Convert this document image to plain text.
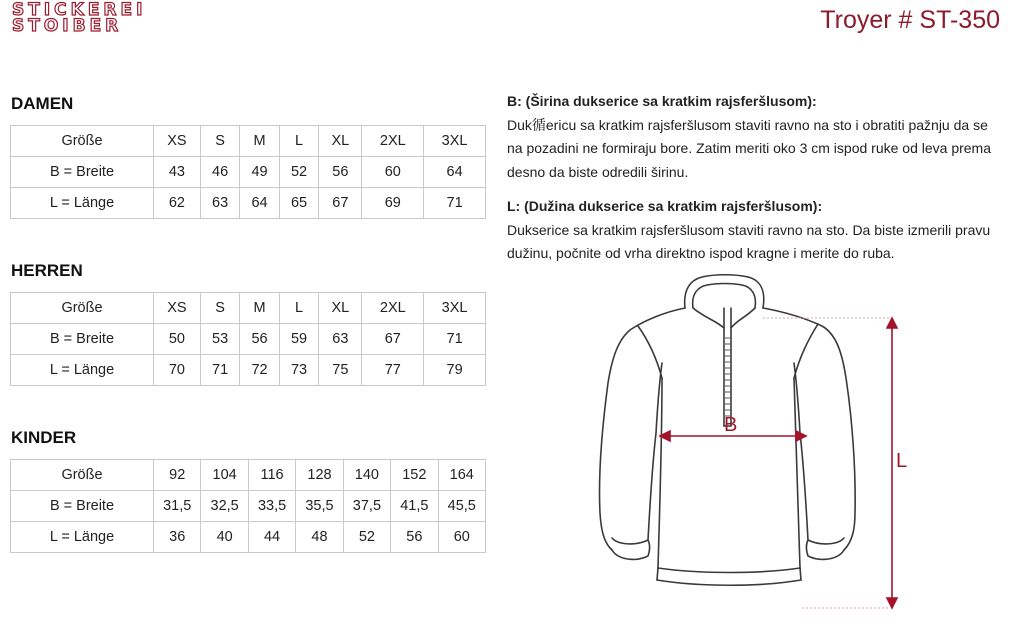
STICKEREI
STOIBER	Troyer # ST-350
DAMEN
Größe	XS	S	M	L	XL	2XL	3XL
B = Breite	43	46	49	52	56	60	64
L = Länge	62	63	64	65	67	69	71
HERREN
Größe	XS	S	M	L	XL	2XL	3XL
B = Breite	50	53	56	59	63	67	71
L = Länge	70	71	72	73	75	77	79
KINDER
Größe	92	104	116	128	140	152	164
B = Breite	31,5	32,5	33,5	35,5	37,5	41,5	45,5
L = Länge	36	40	44	48	52	56	60
B: (Širina dukserice sa kratkim rajsferšlusom):
Duk循ericu sa kratkim rajsferšlusom staviti ravno na sto i obratiti pažnju da se na pozadini ne formiraju bore. Zatim meriti oko 3 cm ispod ruke od leva prema desno da biste odredili širinu.
L: (Dužina dukserice sa kratkim rajsferšlusom):
Dukserice sa kratkim rajsferšlusom staviti ravno na sto. Da biste izmerili pravu dužinu, počnite od vrha direktno ispod kragne i merite do ruba.
B
L
